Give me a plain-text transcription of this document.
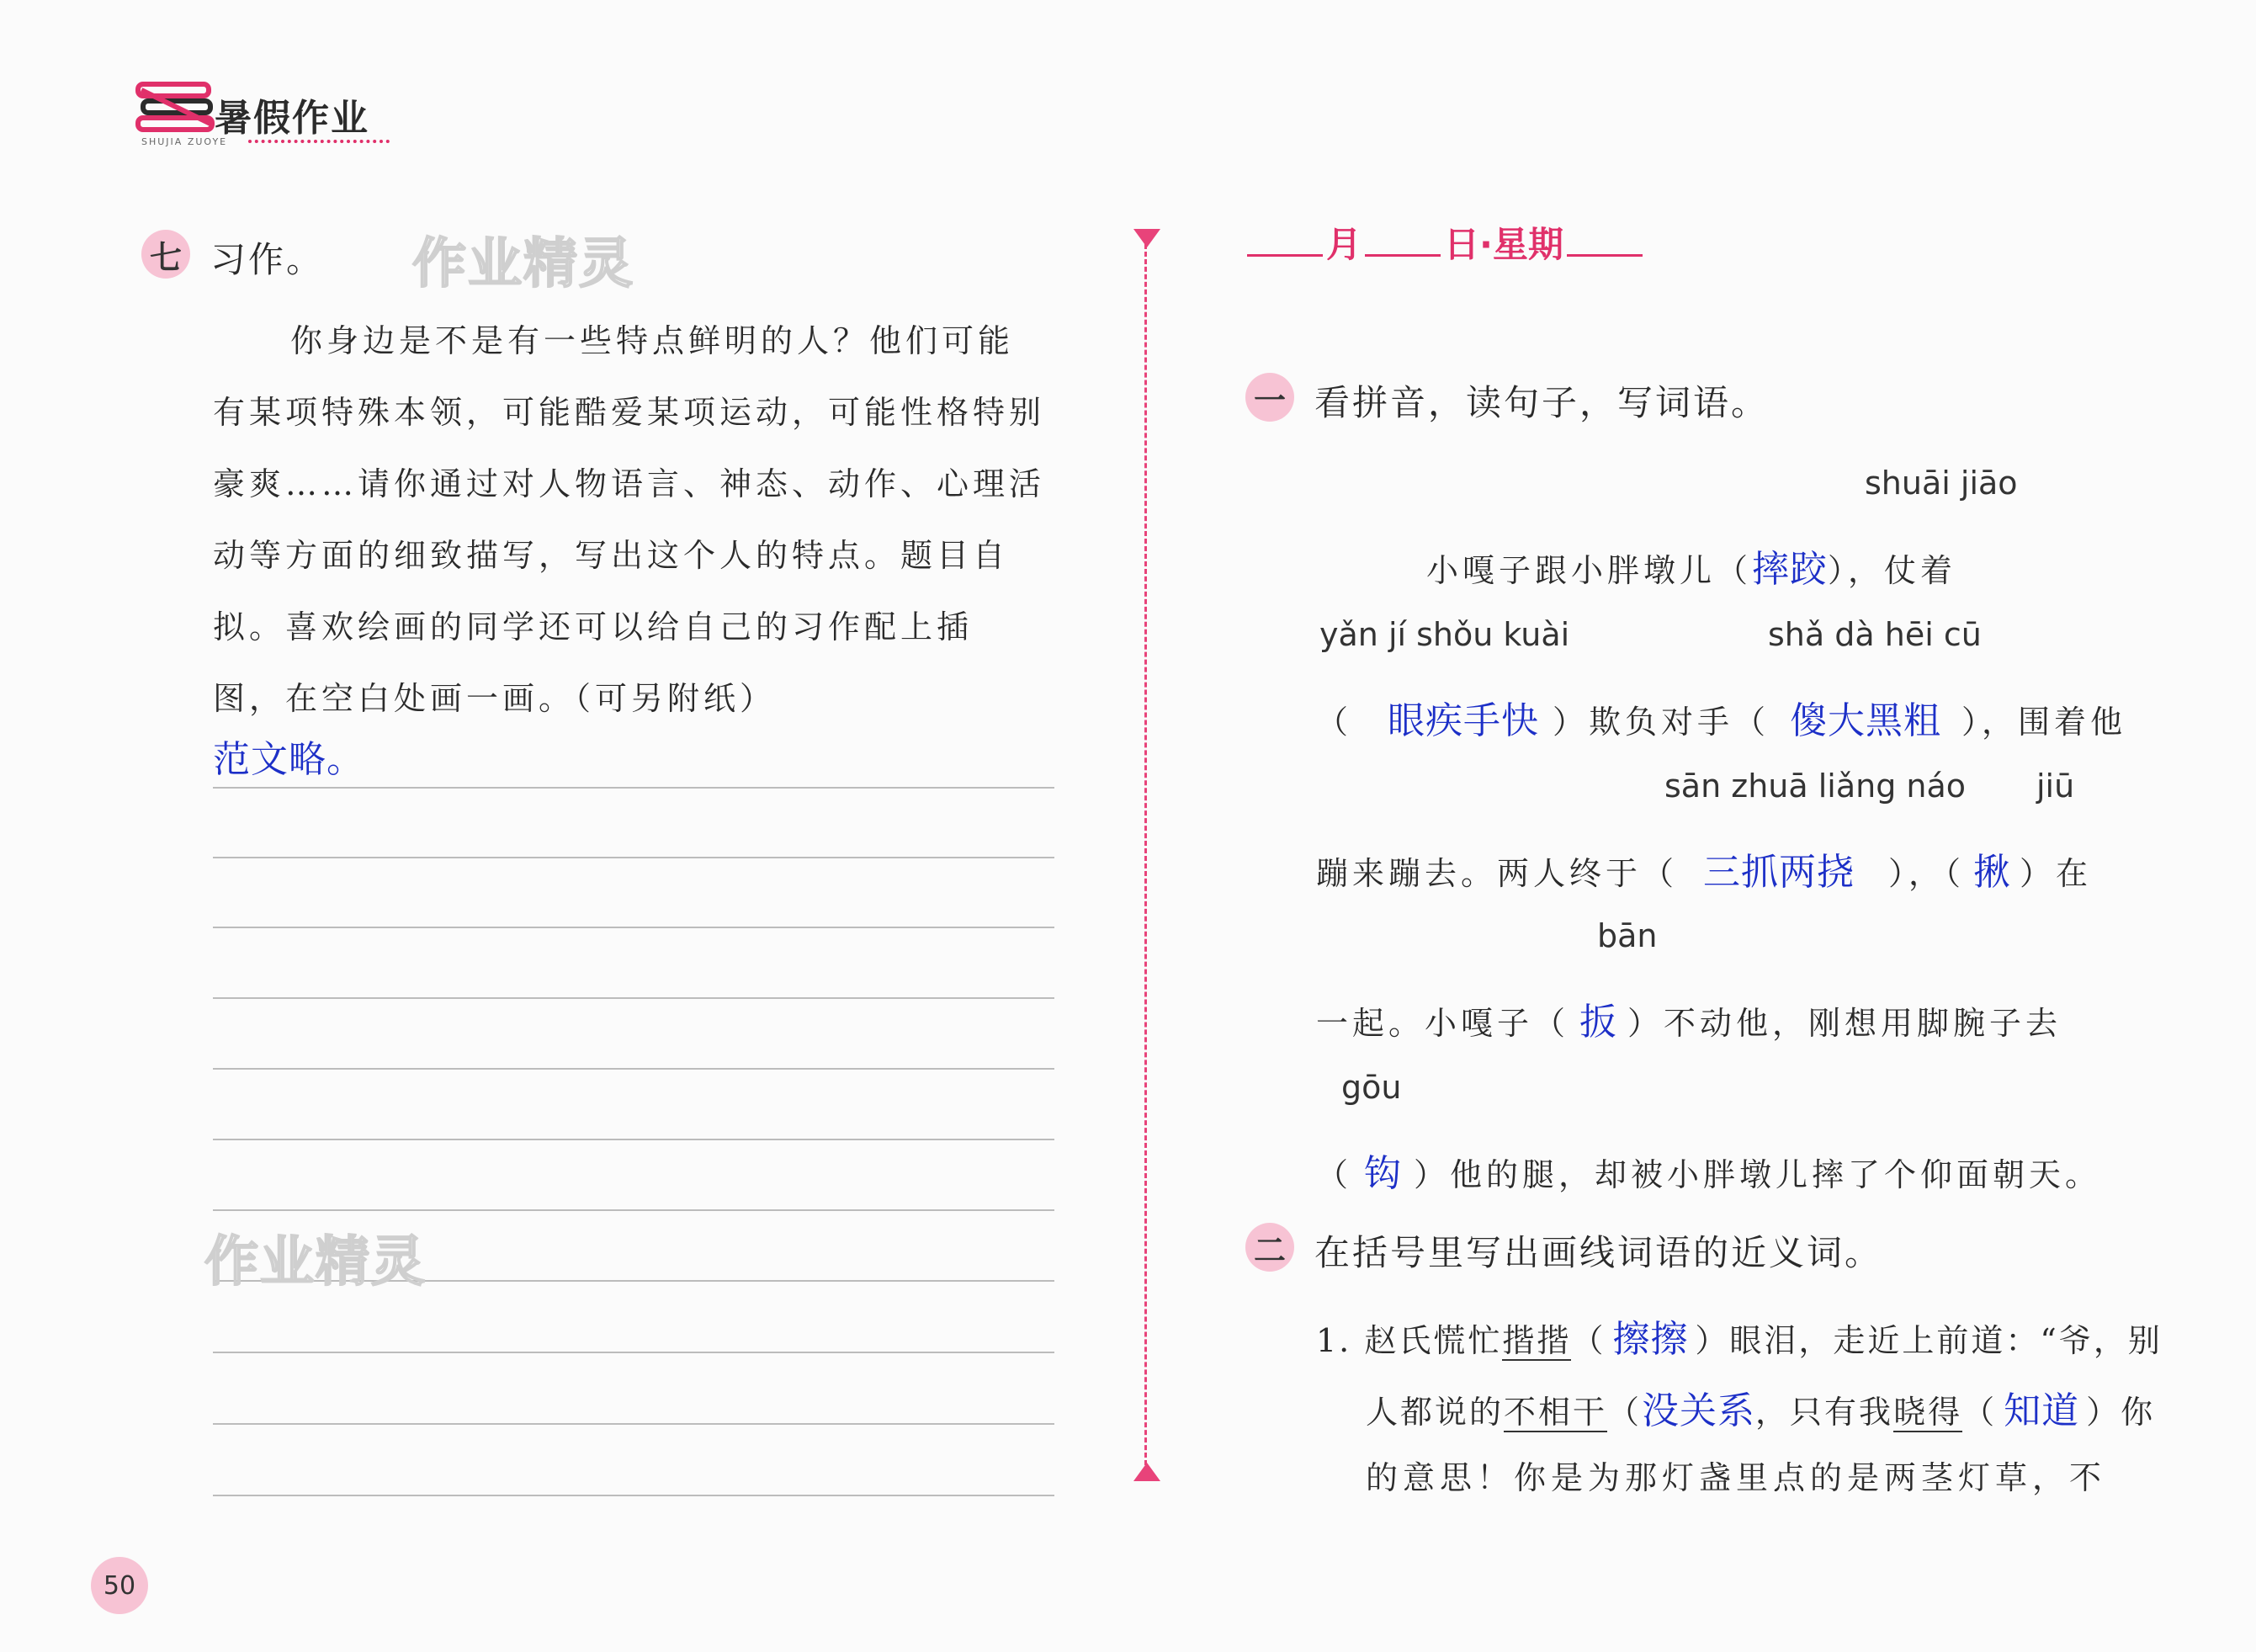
暑假作业
SHUJIA ZUOYE
七 习作。 作业精灵
你身边是不是有一些特点鲜明的人？他们可能
有某项特殊本领，可能酷爱某项运动，可能性格特别
豪爽……请你通过对人物语言、神态、动作、心理活
动等方面的细致描写，写出这个人的特点。题目自
拟。喜欢绘画的同学还可以给自己的习作配上插
图，在空白处画一画。（可另附纸）
范文略。
作业精灵
50
月 日·星期
一 看拼音，读句子，写词语。
shuāi jiāo
小嘎子跟小胖墩儿（摔跤），仗着
yǎn jí shǒu kuài	shǎ dà hēi cū
（ 眼疾手快 ）欺负对手（ 傻大黑粗 ），围着他
sān zhuā liǎng náo jiū
蹦来蹦去。两人终于（ 三抓两挠 ），（ 揪 ）在
bān
一起。小嘎子（ 扳 ）不动他，刚想用脚腕子去
gōu
（ 钩 ）他的腿，却被小胖墩儿摔了个仰面朝天。
二 在括号里写出画线词语的近义词。
1. 赵氏慌忙揩揩（ 擦擦 ）眼泪，走近上前道：“爷，别
人都说的不相干（没关系，只有我晓得（ 知道 ）你
的意思！你是为那灯盏里点的是两茎灯草，不
